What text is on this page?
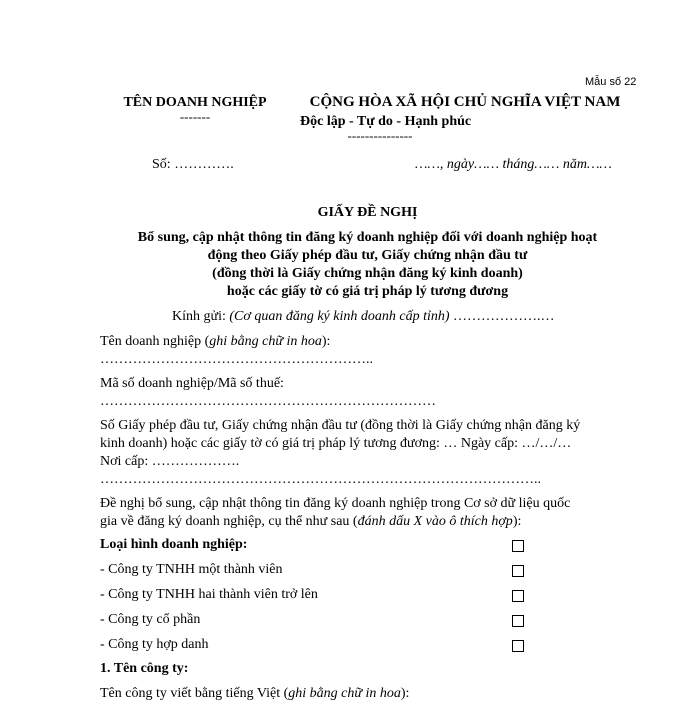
Mẫu số 22
TÊN DOANH NGHIỆP
-------
CỘNG HÒA XÃ HỘI CHỦ NGHĨA VIỆT NAM
Độc lập - Tự do - Hạnh phúc
---------------
Số: ………….	……, ngày…… tháng…… năm……
GIẤY ĐỀ NGHỊ
Bổ sung, cập nhật thông tin đăng ký doanh nghiệp đối với doanh nghiệp hoạt
động theo Giấy phép đầu tư, Giấy chứng nhận đầu tư
(đồng thời là Giấy chứng nhận đăng ký kinh doanh)
hoặc các giấy tờ có giá trị pháp lý tương đương
Kính gửi: (Cơ quan đăng ký kinh doanh cấp tỉnh) ……………….…
Tên doanh nghiệp (ghi bằng chữ in hoa):
…………………………………………………..
Mã số doanh nghiệp/Mã số thuế:
………………………………………………………………
Số Giấy phép đầu tư, Giấy chứng nhận đầu tư (đồng thời là Giấy chứng nhận đăng ký
kinh doanh) hoặc các giấy tờ có giá trị pháp lý tương đương: … Ngày cấp: …/…/…
Nơi cấp: ……………….
…………………………………………………………………………………..
Đề nghị bổ sung, cập nhật thông tin đăng ký doanh nghiệp trong Cơ sở dữ liệu quốc
gia về đăng ký doanh nghiệp, cụ thể như sau (đánh dấu X vào ô thích hợp):
Loại hình doanh nghiệp:
- Công ty TNHH một thành viên
- Công ty TNHH hai thành viên trở lên
- Công ty cổ phần
- Công ty hợp danh
1. Tên công ty:
Tên công ty viết bằng tiếng Việt (ghi bằng chữ in hoa):
